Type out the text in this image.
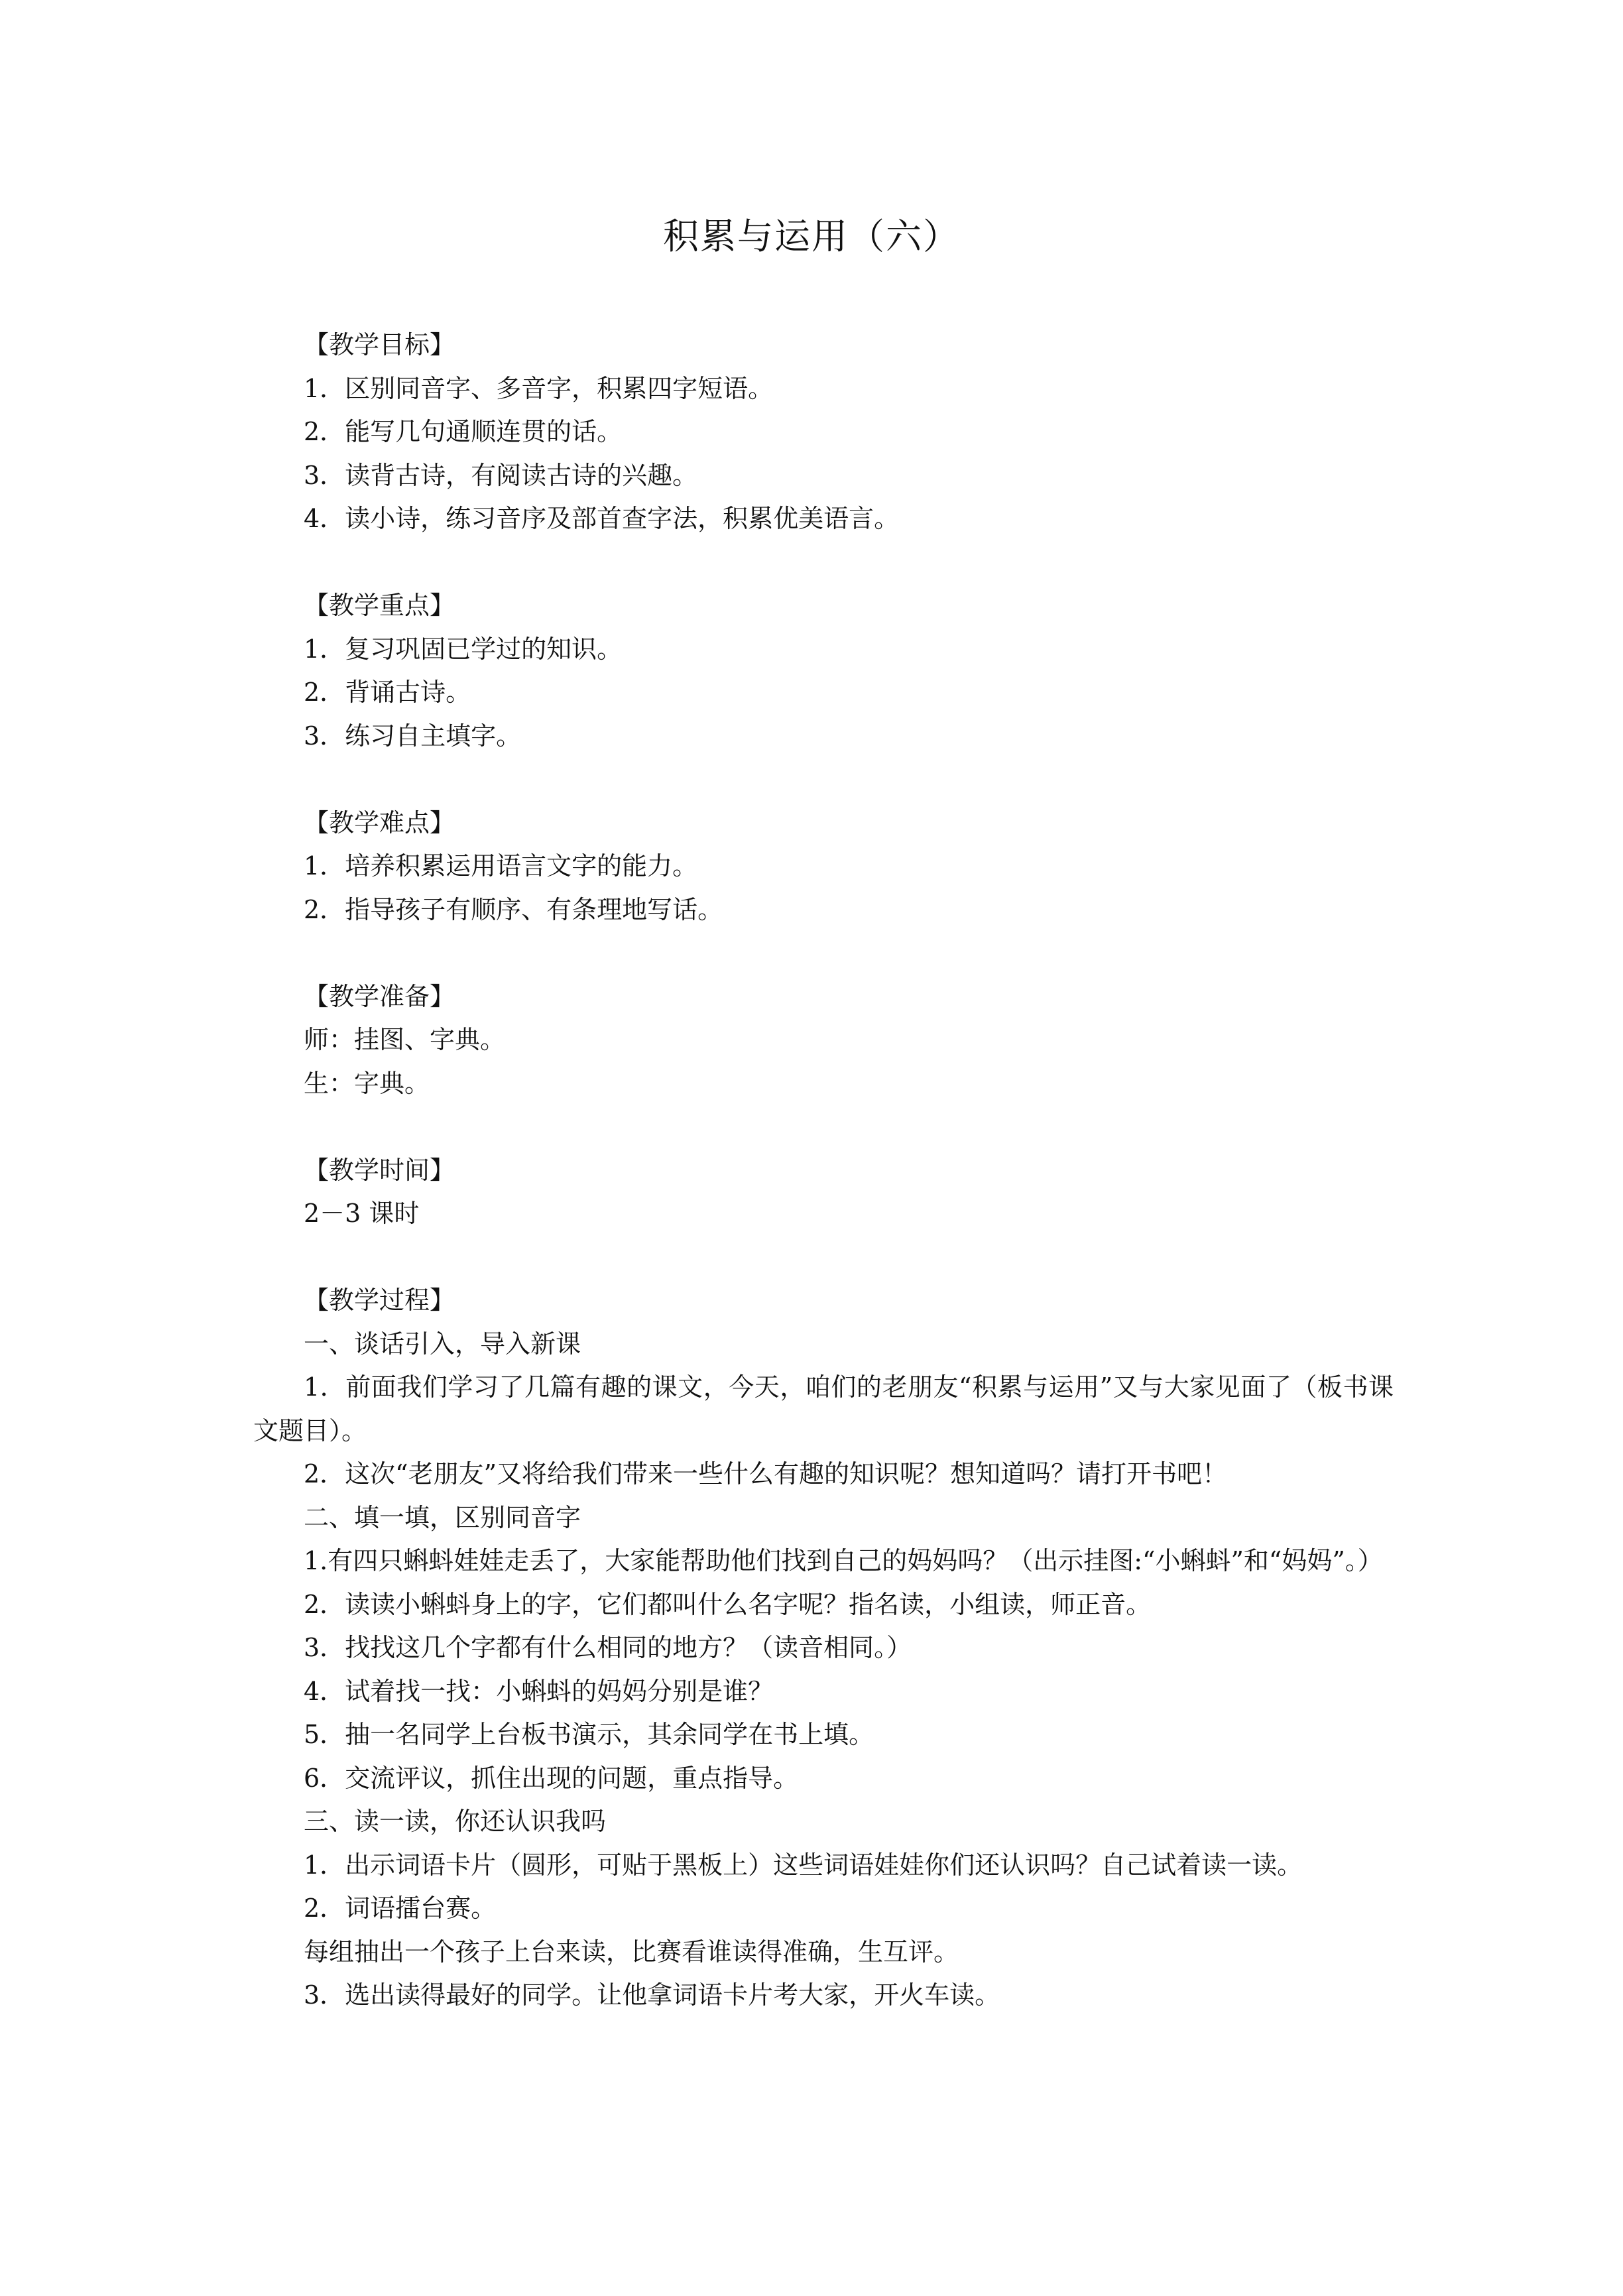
积累与运用（六）

【教学目标】

1．区别同音字、多音字，积累四字短语。

2．能写几句通顺连贯的话。

3．读背古诗，有阅读古诗的兴趣。

4．读小诗，练习音序及部首查字法，积累优美语言。

【教学重点】

1．复习巩固已学过的知识。

2．背诵古诗。

3．练习自主填字。

【教学难点】

1．培养积累运用语言文字的能力。

2．指导孩子有顺序、有条理地写话。

【教学准备】

师：挂图、字典。

生：字典。

【教学时间】

2－3 课时

【教学过程】

一、谈话引入，导入新课

1．前面我们学习了几篇有趣的课文，今天，咱们的老朋友“积累与运用”又与大家见面了（板书课文题目）。

2．这次“老朋友”又将给我们带来一些什么有趣的知识呢？想知道吗？请打开书吧！

二、填一填，区别同音字

1.有四只蝌蚪娃娃走丢了，大家能帮助他们找到自己的妈妈吗？（出示挂图:“小蝌蚪”和“妈妈”。）

2．读读小蝌蚪身上的字，它们都叫什么名字呢？指名读，小组读，师正音。

3．找找这几个字都有什么相同的地方？（读音相同。）

4．试着找一找：小蝌蚪的妈妈分别是谁？

5．抽一名同学上台板书演示，其余同学在书上填。

6．交流评议，抓住出现的问题，重点指导。

三、读一读，你还认识我吗

1．出示词语卡片（圆形，可贴于黑板上）这些词语娃娃你们还认识吗？自己试着读一读。

2．词语擂台赛。

每组抽出一个孩子上台来读，比赛看谁读得准确，生互评。

3．选出读得最好的同学。让他拿词语卡片考大家，开火车读。
